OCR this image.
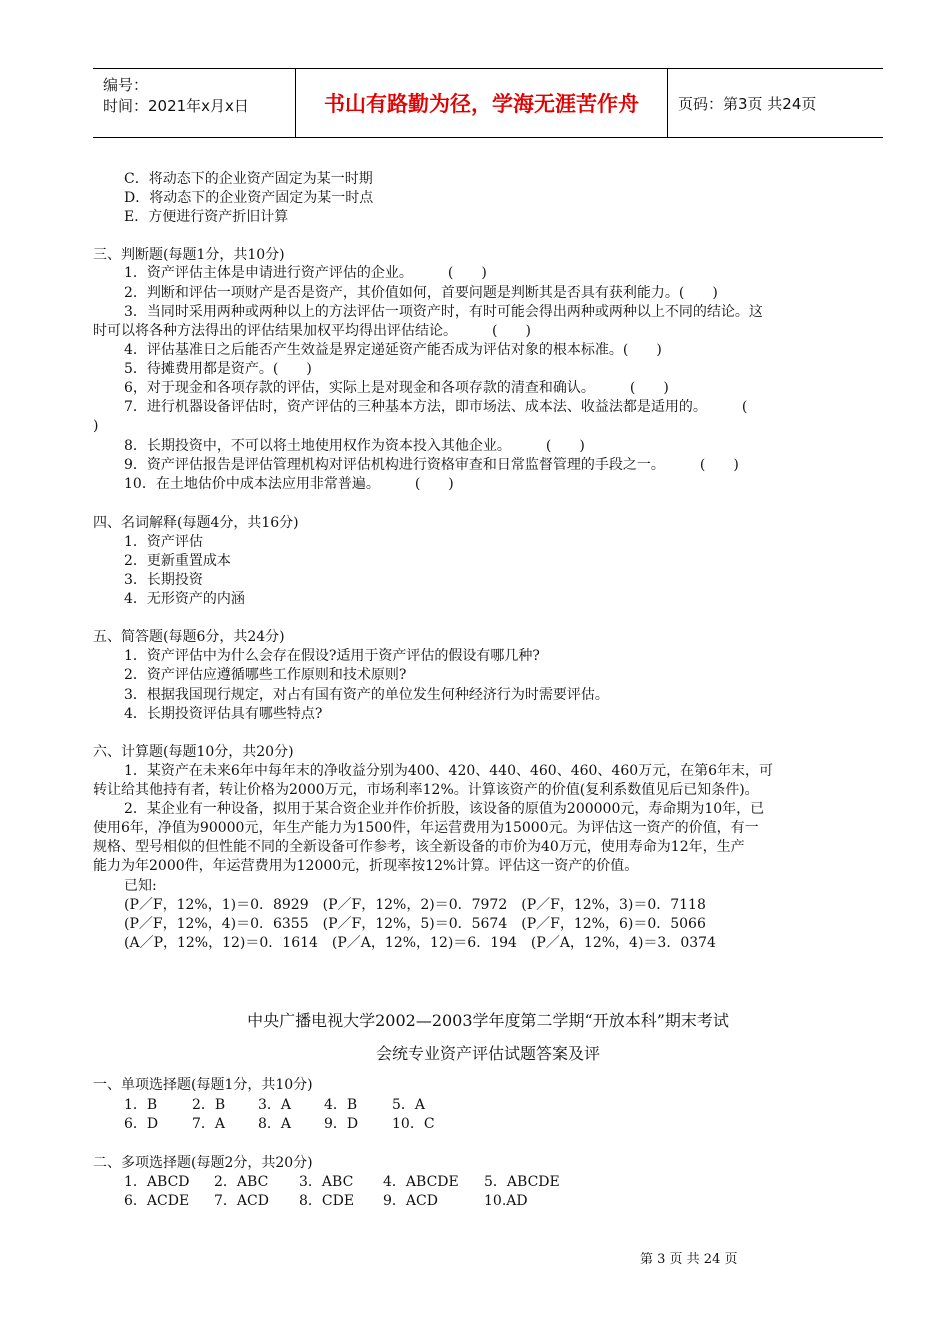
编号：
时间：2021年x月x日	书山有路勤为径，学海无涯苦作舟	页码：第3页 共24页
C．将动态下的企业资产固定为某一时期
D．将动态下的企业资产固定为某一时点
E．方便进行资产折旧计算
三、判断题(每题1分，共10分)
1．资产评估主体是申请进行资产评估的企业。　　　(　　)
2．判断和评估一项财产是否是资产，其价值如何，首要问题是判断其是否具有获利能力。(　　)
3．当同时采用两种或两种以上的方法评估一项资产时，有时可能会得出两种或两种以上不同的结论。这
时可以将各种方法得出的评估结果加权平均得出评估结论。　　　(　　)
4．评估基准日之后能否产生效益是界定递延资产能否成为评估对象的根本标准。(　　)
5．待摊费用都是资产。(　　)
6，对于现金和各项存款的评估，实际上是对现金和各项存款的清查和确认。　　　(　　)
7．进行机器设备评估时，资产评估的三种基本方法，即市场法、成本法、收益法都是适用的。　　　(
)
8．长期投资中，不可以将土地使用权作为资本投入其他企业。　　　(　　)
9．资产评估报告是评估管理机构对评估机构进行资格审查和日常监督管理的手段之一。　　　(　　)
10．在土地估价中成本法应用非常普遍。　　　(　　)
四、名词解释(每题4分，共16分)
1．资产评估
2．更新重置成本
3．长期投资
4．无形资产的内涵
五、简答题(每题6分，共24分)
1．资产评估中为什么会存在假设?适用于资产评估的假设有哪几种?
2．资产评估应遵循哪些工作原则和技术原则?
3．根据我国现行规定，对占有国有资产的单位发生何种经济行为时需要评估。
4．长期投资评估具有哪些特点?
六、计算题(每题10分，共20分)
1．某资产在未来6年中每年末的净收益分别为400、420、440、460、460、460万元，在第6年末，可
转让给其他持有者，转让价格为2000万元，市场利率12%。计算该资产的价值(复利系数值见后已知条件)。
2．某企业有一种设备，拟用于某合资企业并作价折股，该设备的原值为200000元，寿命期为10年，已
使用6年，净值为90000元，年生产能力为1500件，年运营费用为15000元。为评估这一资产的价值，有一
规格、型号相似的但性能不同的全新设备可作参考，该全新设备的市价为40万元，使用寿命为12年，生产
能力为年2000件，年运营费用为12000元，折现率按12%计算。评估这一资产的价值。
已知:
(P／F，12%，1)＝0．8929　(P／F，12%，2)＝0．7972　(P／F，12%，3)＝0．7118
(P／F，12%，4)＝0．6355　(P／F，12%，5)＝0．5674　(P／F，12%，6)＝0．5066
(A／P，12%，12)＝0．1614　(P／A，12%，12)＝6．194　(P／A，12%，4)＝3．0374
中央广播电视大学2002—2003学年度第二学期“开放本科”期末考试
会统专业资产评估试题答案及评
一、单项选择题(每题1分，共10分)
1．B 2．B 3．A 4．B 5．A
6．D 7．A 8．A 9．D 10．C
二、多项选择题(每题2分，共20分)
1．ABCD 2．ABC 3．ABC 4．ABCDE 5．ABCDE
6．ACDE 7．ACD 8．CDE 9．ACD	10.AD
第 3 页 共 24 页
